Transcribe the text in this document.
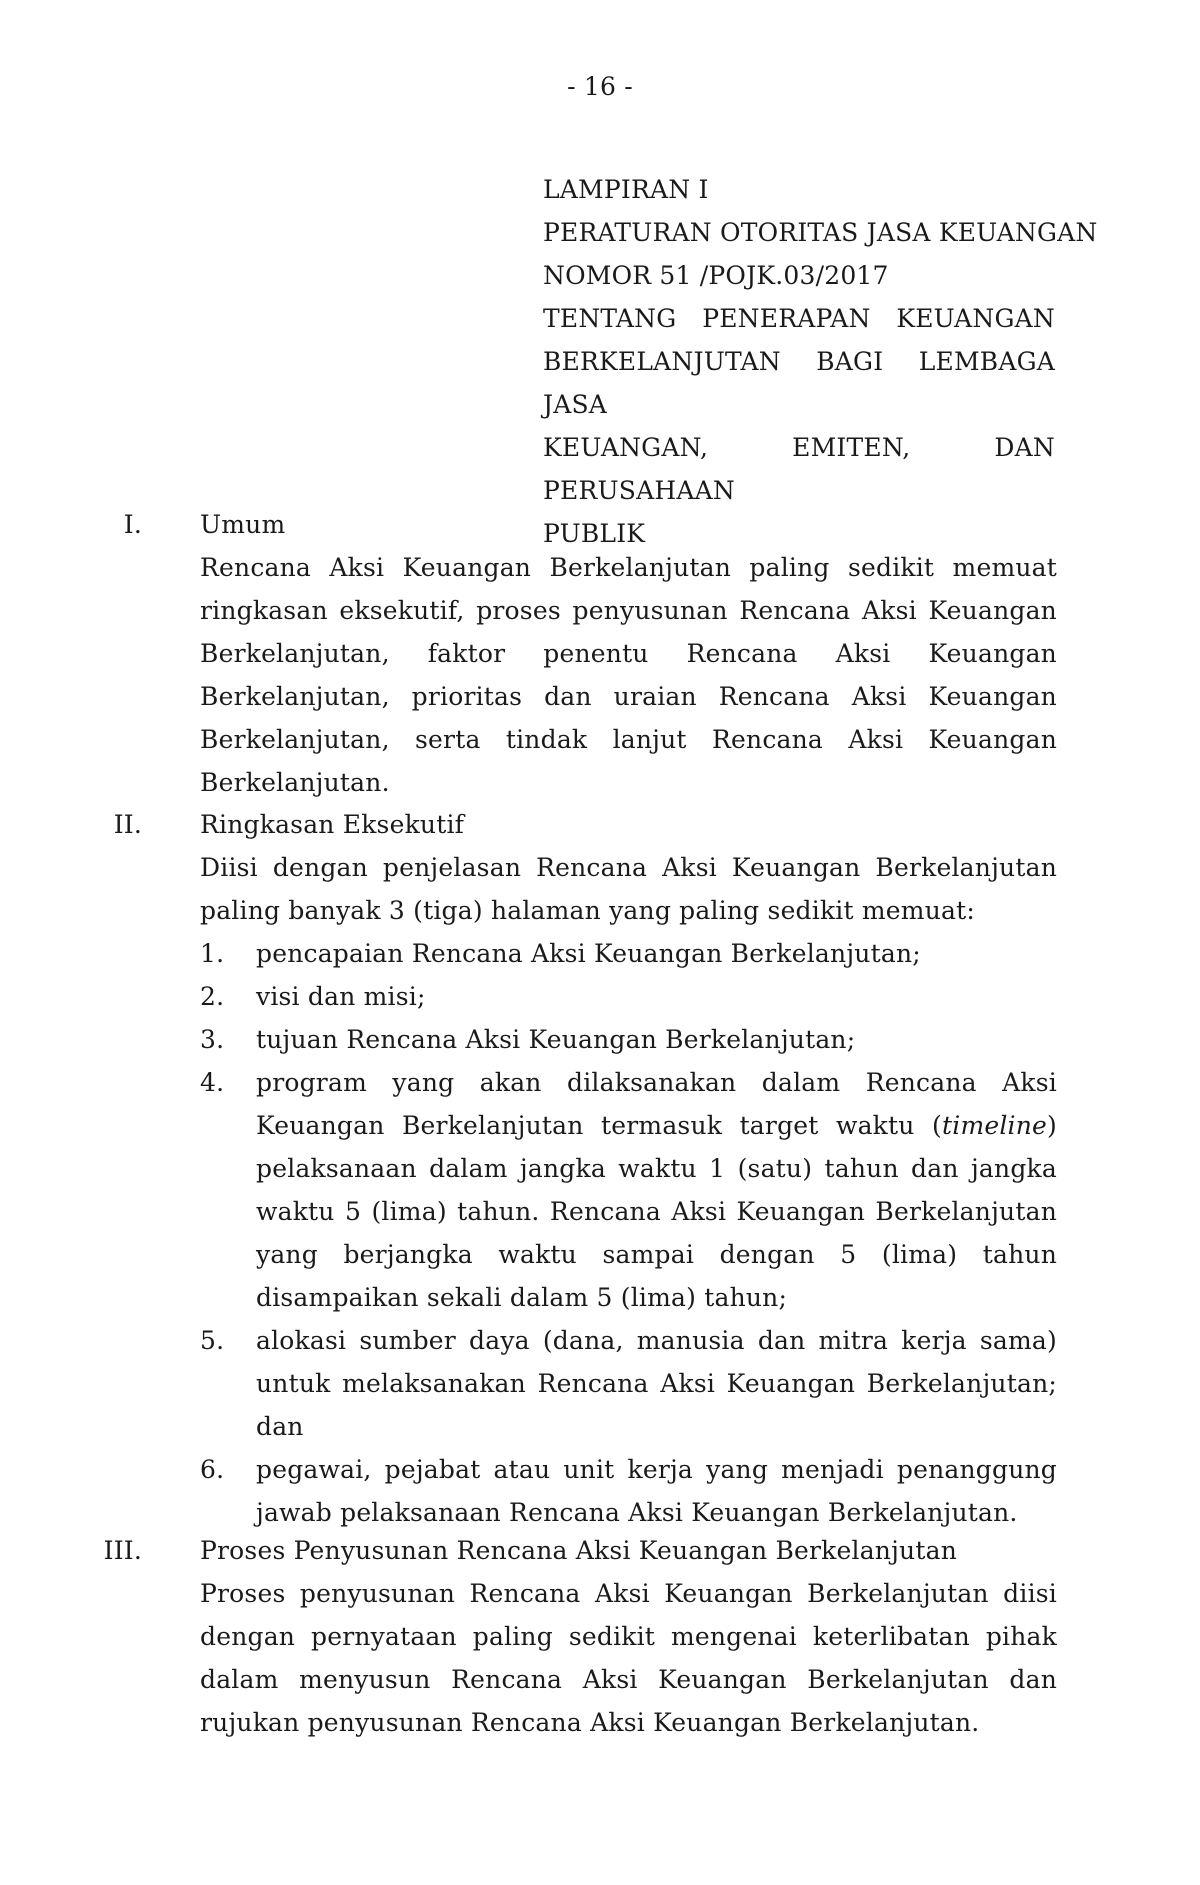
- 16 -
LAMPIRAN I
PERATURAN OTORITAS JASA KEUANGAN
NOMOR 51 /POJK.03/2017
TENTANG PENERAPAN KEUANGAN
BERKELANJUTAN BAGI LEMBAGA JASA
KEUANGAN, EMITEN, DAN PERUSAHAAN
PUBLIK
I. Umum
Rencana Aksi Keuangan Berkelanjutan paling sedikit memuat ringkasan eksekutif, proses penyusunan Rencana Aksi Keuangan Berkelanjutan, faktor penentu Rencana Aksi Keuangan Berkelanjutan, prioritas dan uraian Rencana Aksi Keuangan Berkelanjutan, serta tindak lanjut Rencana Aksi Keuangan Berkelanjutan.
II. Ringkasan Eksekutif
Diisi dengan penjelasan Rencana Aksi Keuangan Berkelanjutan paling banyak 3 (tiga) halaman yang paling sedikit memuat:
1. pencapaian Rencana Aksi Keuangan Berkelanjutan;
2. visi dan misi;
3. tujuan Rencana Aksi Keuangan Berkelanjutan;
4. program yang akan dilaksanakan dalam Rencana Aksi Keuangan Berkelanjutan termasuk target waktu (timeline) pelaksanaan dalam jangka waktu 1 (satu) tahun dan jangka waktu 5 (lima) tahun. Rencana Aksi Keuangan Berkelanjutan yang berjangka waktu sampai dengan 5 (lima) tahun disampaikan sekali dalam 5 (lima) tahun;
5. alokasi sumber daya (dana, manusia dan mitra kerja sama) untuk melaksanakan Rencana Aksi Keuangan Berkelanjutan; dan
6. pegawai, pejabat atau unit kerja yang menjadi penanggung jawab pelaksanaan Rencana Aksi Keuangan Berkelanjutan.
III. Proses Penyusunan Rencana Aksi Keuangan Berkelanjutan
Proses penyusunan Rencana Aksi Keuangan Berkelanjutan diisi dengan pernyataan paling sedikit mengenai keterlibatan pihak dalam menyusun Rencana Aksi Keuangan Berkelanjutan dan rujukan penyusunan Rencana Aksi Keuangan Berkelanjutan.
